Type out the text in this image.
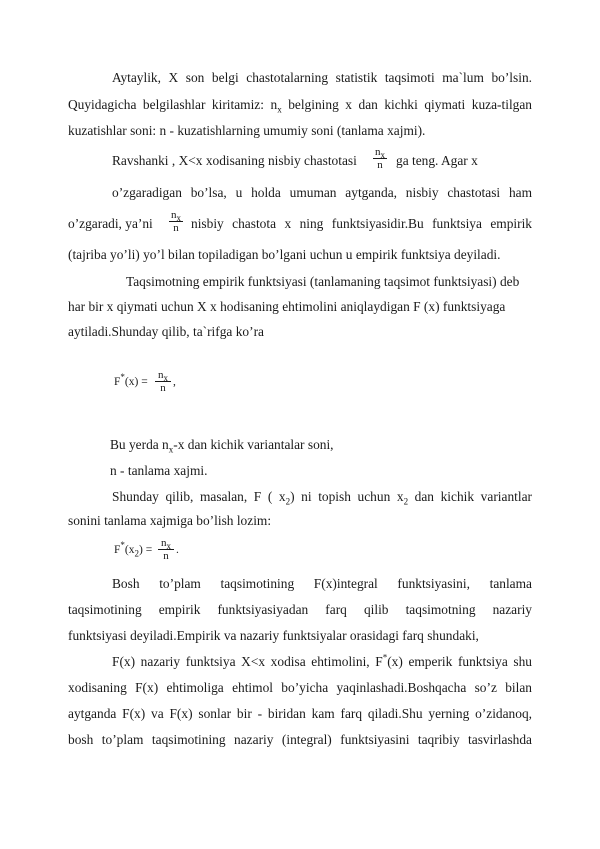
Aytaylik, X son belgi chastotalarning statistik taqsimoti ma`lum bo’lsin.
Quyidagicha belgilashlar kiritamiz: $n_x$ belgining x dan kichki qiymati kuza-tilgan
kuzatishlar soni: n - kuzatishlarning umumiy soni (tanlama xajmi).
Ravshanki , X<x xodisaning nisbiy chastotasi $\frac{n_x}{n}$ ga teng. Agar x
o’zgaradigan bo’lsa, u holda umuman aytganda, nisbiy chastotasi ham
o’zgaradi, ya’ni $\frac{n_x}{n}$ nisbiy chastota x ning funktsiyasidir.Bu funktsiya empirik
(tajriba yo’li) yo’l bilan topiladigan bo’lgani uchun u empirik funktsiya deyiladi.
Taqsimotning empirik funktsiyasi (tanlamaning taqsimot funktsiyasi) deb
har bir x qiymati uchun X x hodisaning ehtimolini aniqlaydigan F (x) funktsiyaga
aytiladi.Shunday qilib, ta`rifga ko’ra
$F^*(x) = \frac{n_x}{n}$ ,
Bu yerda $n_x-x$ dan kichik variantalar soni,
n - tanlama xajmi.
Shunday qilib, masalan, F ( $x_2$) ni topish uchun $x_2$ dan kichik variantlar
sonini tanlama xajmiga bo’lish lozim:
$F^*(x_2) = \frac{n_x}{n}$ .
Bosh to’plam taqsimotining F(x)integral funktsiyasini, tanlama
taqsimotining empirik funktsiyasiyadan farq qilib taqsimotning nazariy
funktsiyasi deyiladi.Empirik va nazariy funktsiyalar orasidagi farq shundaki,
F(x) nazariy funktsiya X<x xodisa ehtimolini, F*(x) emperik funktsiya shu
xodisaning F(x) ehtimoliga ehtimol bo’yicha yaqinlashadi.Boshqacha so’z bilan
aytganda F(x) va F(x) sonlar bir - biridan kam farq qiladi.Shu yerning o’zidanoq,
bosh to’plam taqsimotining nazariy (integral) funktsiyasini taqribiy tasvirlashda
